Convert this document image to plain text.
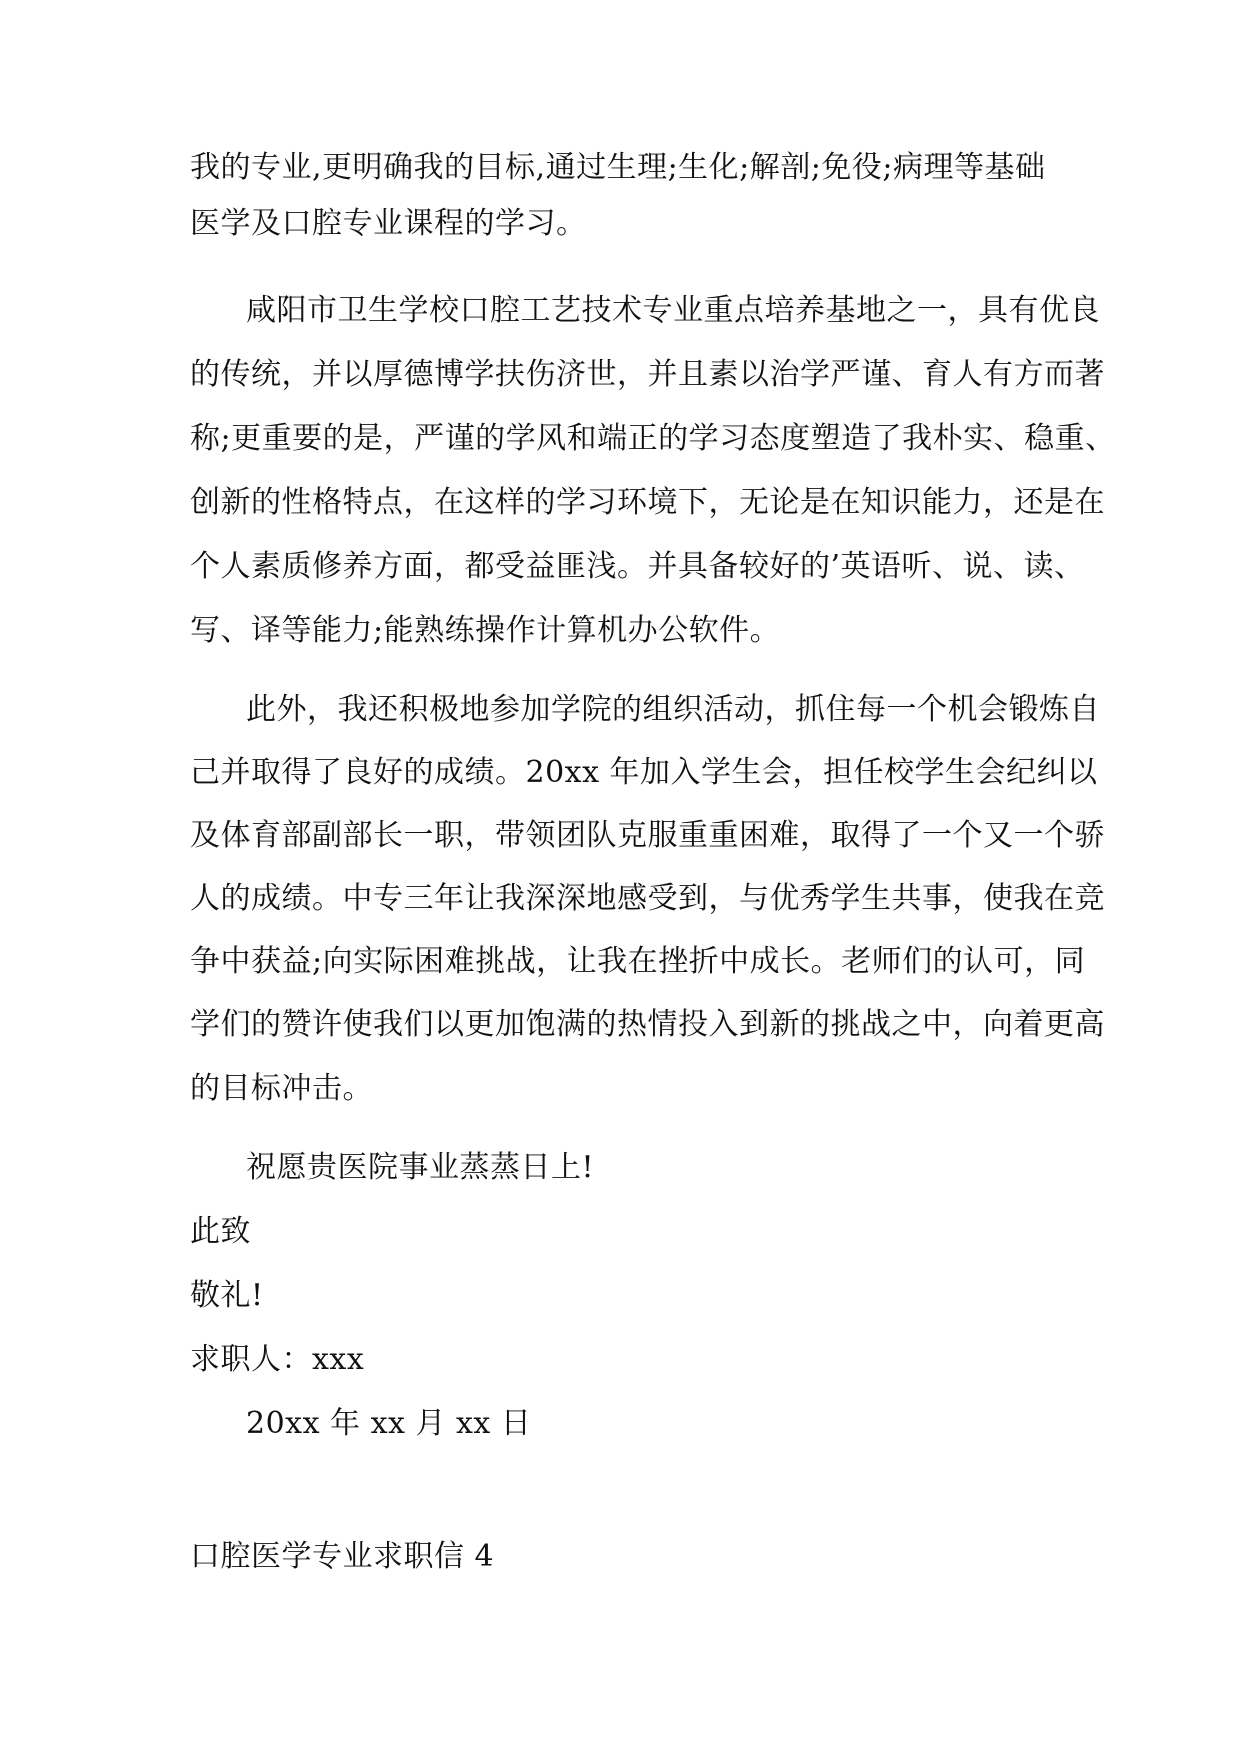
我的专业,更明确我的目标,通过生理;生化;解剖;免役;病理等基础
医学及口腔专业课程的学习。
咸阳市卫生学校口腔工艺技术专业重点培养基地之一，具有优良
的传统，并以厚德博学扶伤济世，并且素以治学严谨、育人有方而著
称;更重要的是，严谨的学风和端正的学习态度塑造了我朴实、稳重、
创新的性格特点，在这样的学习环境下，无论是在知识能力，还是在
个人素质修养方面，都受益匪浅。并具备较好的’英语听、说、读、
写、译等能力;能熟练操作计算机办公软件。
此外，我还积极地参加学院的组织活动，抓住每一个机会锻炼自
己并取得了良好的成绩。20xx 年加入学生会，担任校学生会纪纠以
及体育部副部长一职，带领团队克服重重困难，取得了一个又一个骄
人的成绩。中专三年让我深深地感受到，与优秀学生共事，使我在竞
争中获益;向实际困难挑战，让我在挫折中成长。老师们的认可，同
学们的赞许使我们以更加饱满的热情投入到新的挑战之中，向着更高
的目标冲击。
祝愿贵医院事业蒸蒸日上!
此致
敬礼!
求职人：xxx
20xx 年 xx 月 xx 日
口腔医学专业求职信 4
